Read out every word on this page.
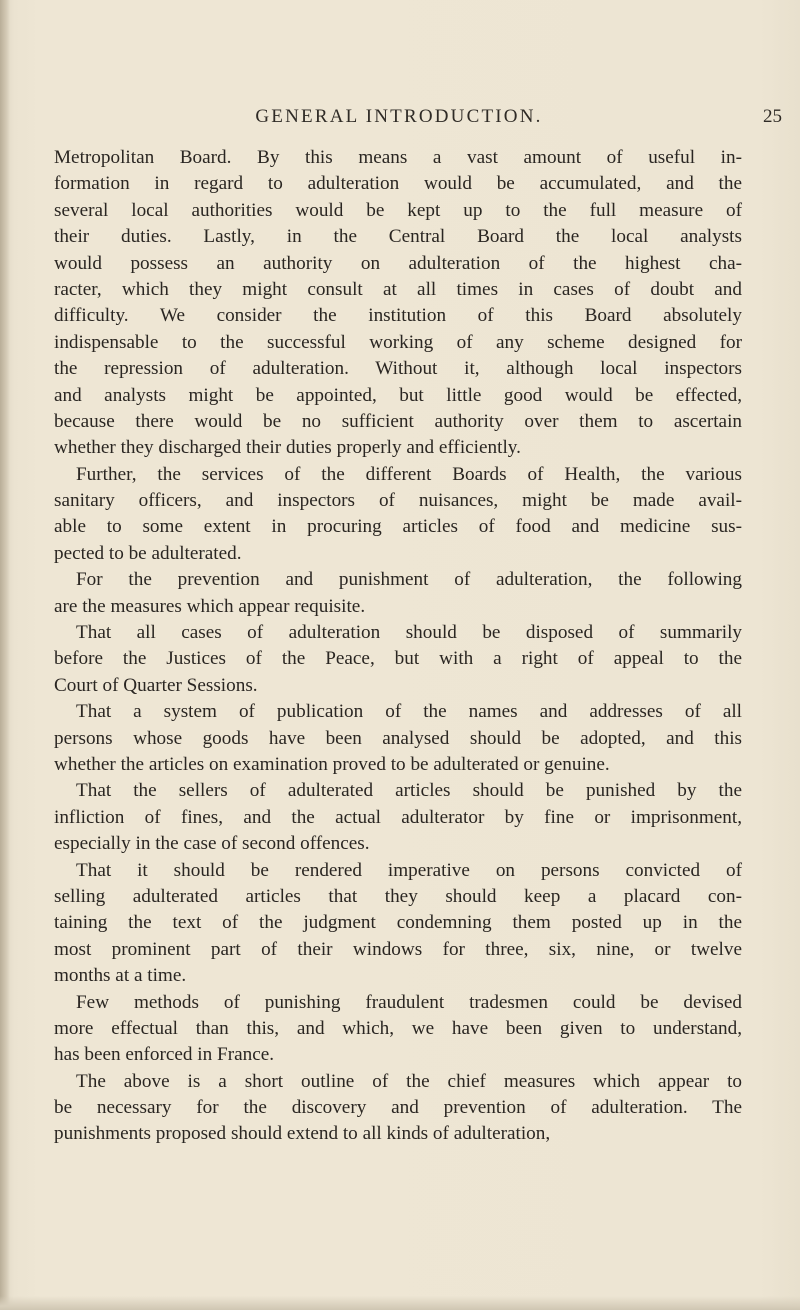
GENERAL INTRODUCTION.	25
Metropolitan Board. By this means a vast amount of useful in-
formation in regard to adulteration would be accumulated, and the
several local authorities would be kept up to the full measure of
their duties. Lastly, in the Central Board the local analysts
would possess an authority on adulteration of the highest cha-
racter, which they might consult at all times in cases of doubt and
difficulty. We consider the institution of this Board absolutely
indispensable to the successful working of any scheme designed for
the repression of adulteration. Without it, although local inspectors
and analysts might be appointed, but little good would be effected,
because there would be no sufficient authority over them to ascertain
whether they discharged their duties properly and efficiently.
Further, the services of the different Boards of Health, the various
sanitary officers, and inspectors of nuisances, might be made avail-
able to some extent in procuring articles of food and medicine sus-
pected to be adulterated.
For the prevention and punishment of adulteration, the following
are the measures which appear requisite.
That all cases of adulteration should be disposed of summarily
before the Justices of the Peace, but with a right of appeal to the
Court of Quarter Sessions.
That a system of publication of the names and addresses of all
persons whose goods have been analysed should be adopted, and this
whether the articles on examination proved to be adulterated or genuine.
That the sellers of adulterated articles should be punished by the
infliction of fines, and the actual adulterator by fine or imprisonment,
especially in the case of second offences.
That it should be rendered imperative on persons convicted of
selling adulterated articles that they should keep a placard con-
taining the text of the judgment condemning them posted up in the
most prominent part of their windows for three, six, nine, or twelve
months at a time.
Few methods of punishing fraudulent tradesmen could be devised
more effectual than this, and which, we have been given to understand,
has been enforced in France.
The above is a short outline of the chief measures which appear to
be necessary for the discovery and prevention of adulteration. The
punishments proposed should extend to all kinds of adulteration,
